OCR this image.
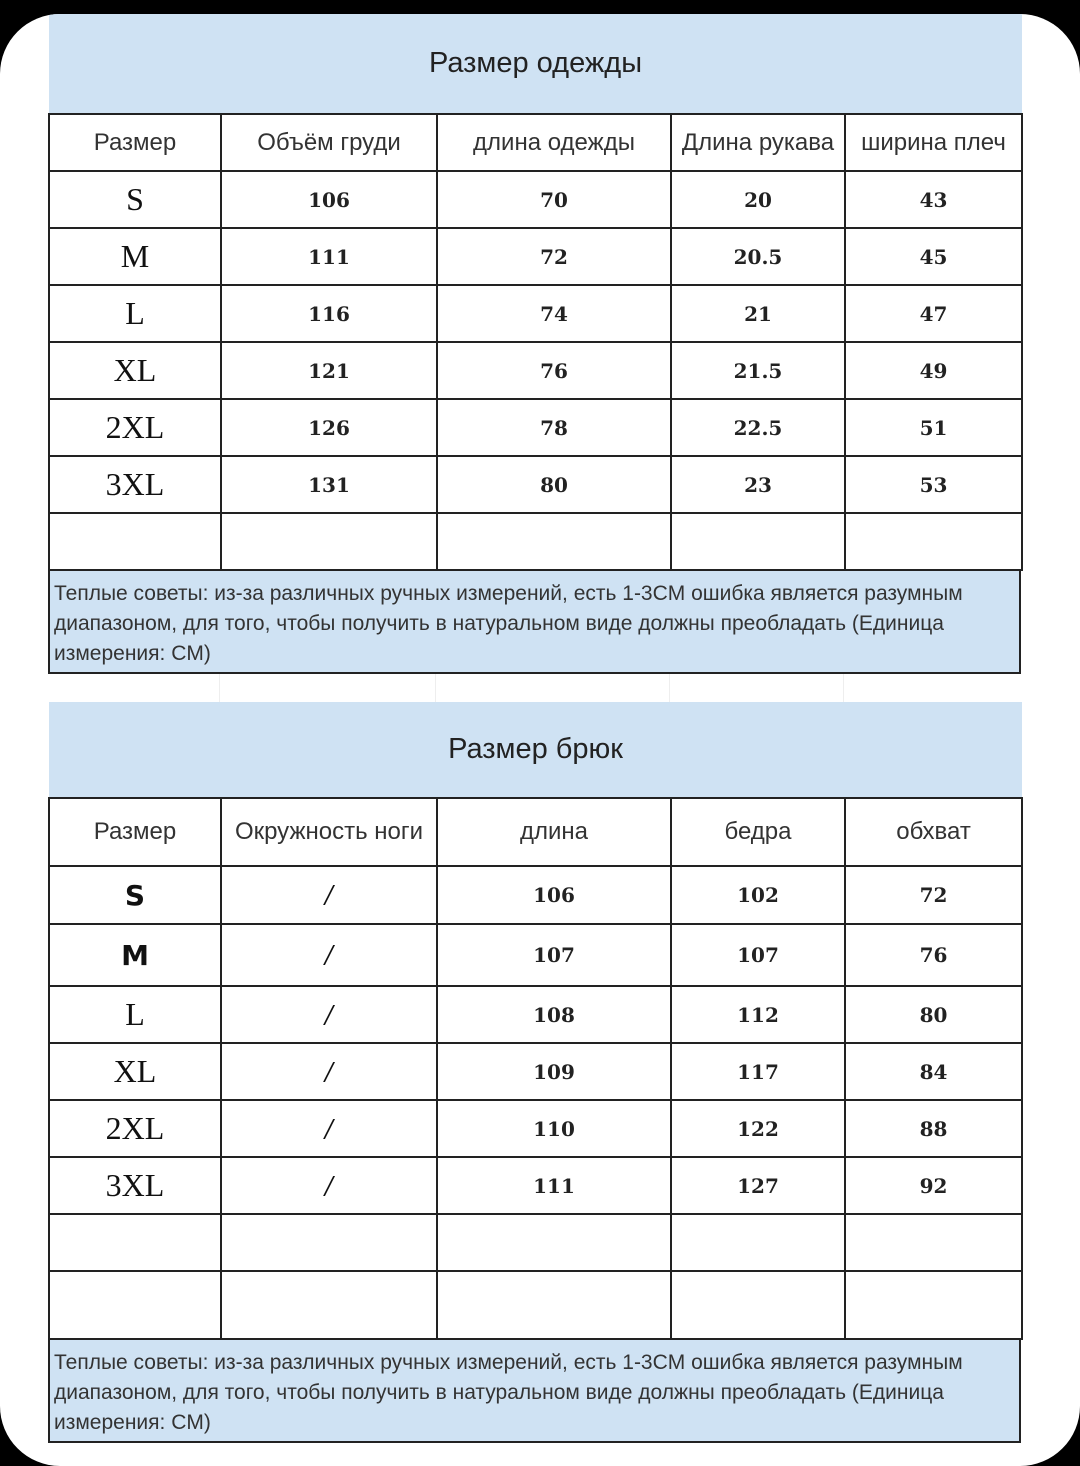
Размер одежды				
Размер	Объём груди	длина одежды	Длина рукава	ширина плеч
S	106	70	20	43
M	111	72	20.5	45
L	116	74	21	47
XL	121	76	21.5	49
2XL	126	78	22.5	51
3XL	131	80	23	53

Теплые советы: из-за различных ручных измерений, есть 1-3CM ошибка является разумным диапазоном, для того, чтобы получить в натуральном виде должны преобладать (Единица измерения: CM)
Размер брюк				
Размер	Окружность ноги	длина	бедра	обхват
S	/	106	102	72
M	/	107	107	76
L	/	108	112	80
XL	/	109	117	84
2XL	/	110	122	88
3XL	/	111	127	92

Теплые советы: из-за различных ручных измерений, есть 1-3CM ошибка является разумным диапазоном, для того, чтобы получить в натуральном виде должны преобладать (Единица измерения: CM)
